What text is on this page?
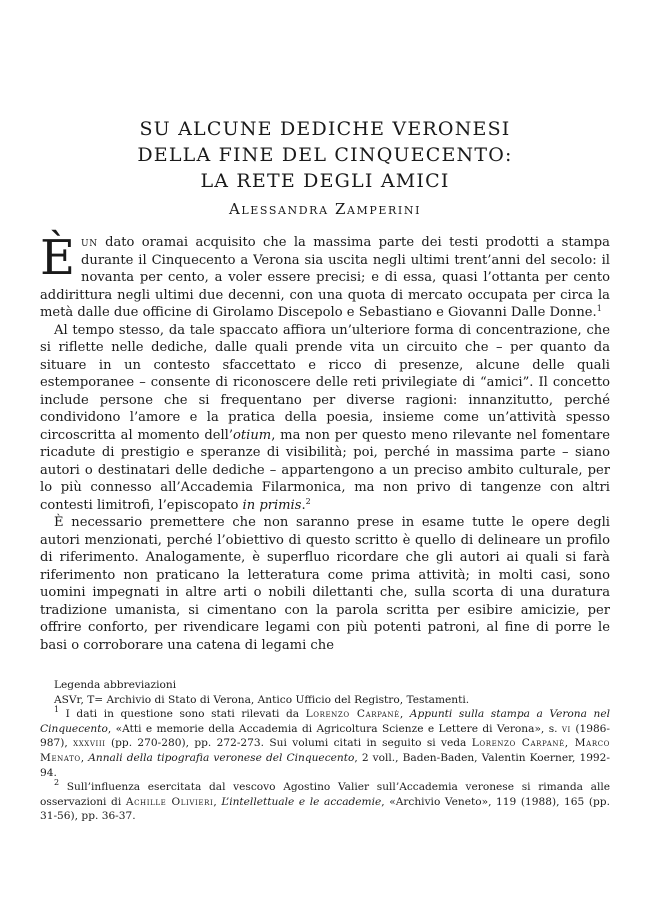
SU ALCUNE DEDICHE VERONESI
DELLA FINE DEL CINQUECENTO:
LA RETE DEGLI AMICI
Alessandra Zamperini

Èun dato oramai acquisito che la massima parte dei testi prodotti a stampa durante il Cinquecento a Verona sia uscita negli ultimi trent’anni del secolo: il novanta per cento, a voler essere precisi; e di essa, quasi l’ottanta per cento addirittura negli ultimi due decenni, con una quota di mercato occupata per circa la metà dalle due officine di Girolamo Discepolo e Sebastiano e Giovanni Dalle Donne.$^1$

Al tempo stesso, da tale spaccato affiora un’ulteriore forma di concentrazione, che si riflette nelle dediche, dalle quali prende vita un circuito che – per quanto da situare in un contesto sfaccettato e ricco di presenze, alcune delle quali estemporanee – consente di riconoscere delle reti privilegiate di “amici”. Il concetto include persone che si frequentano per diverse ragioni: innanzitutto, perché condividono l’amore e la pratica della poesia, insieme come un’attività spesso circoscritta al momento dell’otium, ma non per questo meno rilevante nel fomentare ricadute di prestigio e speranze di visibilità; poi, perché in massima parte – siano autori o destinatari delle dediche – appartengono a un preciso ambito culturale, per lo più connesso all’Accademia Filarmonica, ma non privo di tangenze con altri contesti limitrofi, l’episcopato in primis.$^2$

È necessario premettere che non saranno prese in esame tutte le opere degli autori menzionati, perché l’obiettivo di questo scritto è quello di delineare un profilo di riferimento. Analogamente, è superfluo ricordare che gli autori ai quali si farà riferimento non praticano la letteratura come prima attività; in molti casi, sono uomini impegnati in altre arti o nobili dilettanti che, sulla scorta di una duratura tradizione umanista, si cimentano con la parola scritta per esibire amicizie, per offrire conforto, per rivendicare legami con più potenti patroni, al fine di porre le basi o corroborare una catena di legami che

Legenda abbreviazioni

ASVr, T= Archivio di Stato di Verona, Antico Ufficio del Registro, Testamenti.

$^1$ I dati in questione sono stati rilevati da Lorenzo Carpanè, Appunti sulla stampa a Verona nel Cinquecento, «Atti e memorie della Accademia di Agricoltura Scienze e Lettere di Verona», s. vi (1986-987), xxxviii (pp. 270-280), pp. 272-273. Sui volumi citati in seguito si veda Lorenzo Carpanè, Marco Menato, Annali della tipografia veronese del Cinquecento, 2 voll., Baden-Baden, Valentin Koerner, 1992-94.

$^2$ Sull’influenza esercitata dal vescovo Agostino Valier sull’Accademia veronese si rimanda alle osservazioni di Achille Olivieri, L’intellettuale e le accademie, «Archivio Veneto», 119 (1988), 165 (pp. 31-56), pp. 36-37.
